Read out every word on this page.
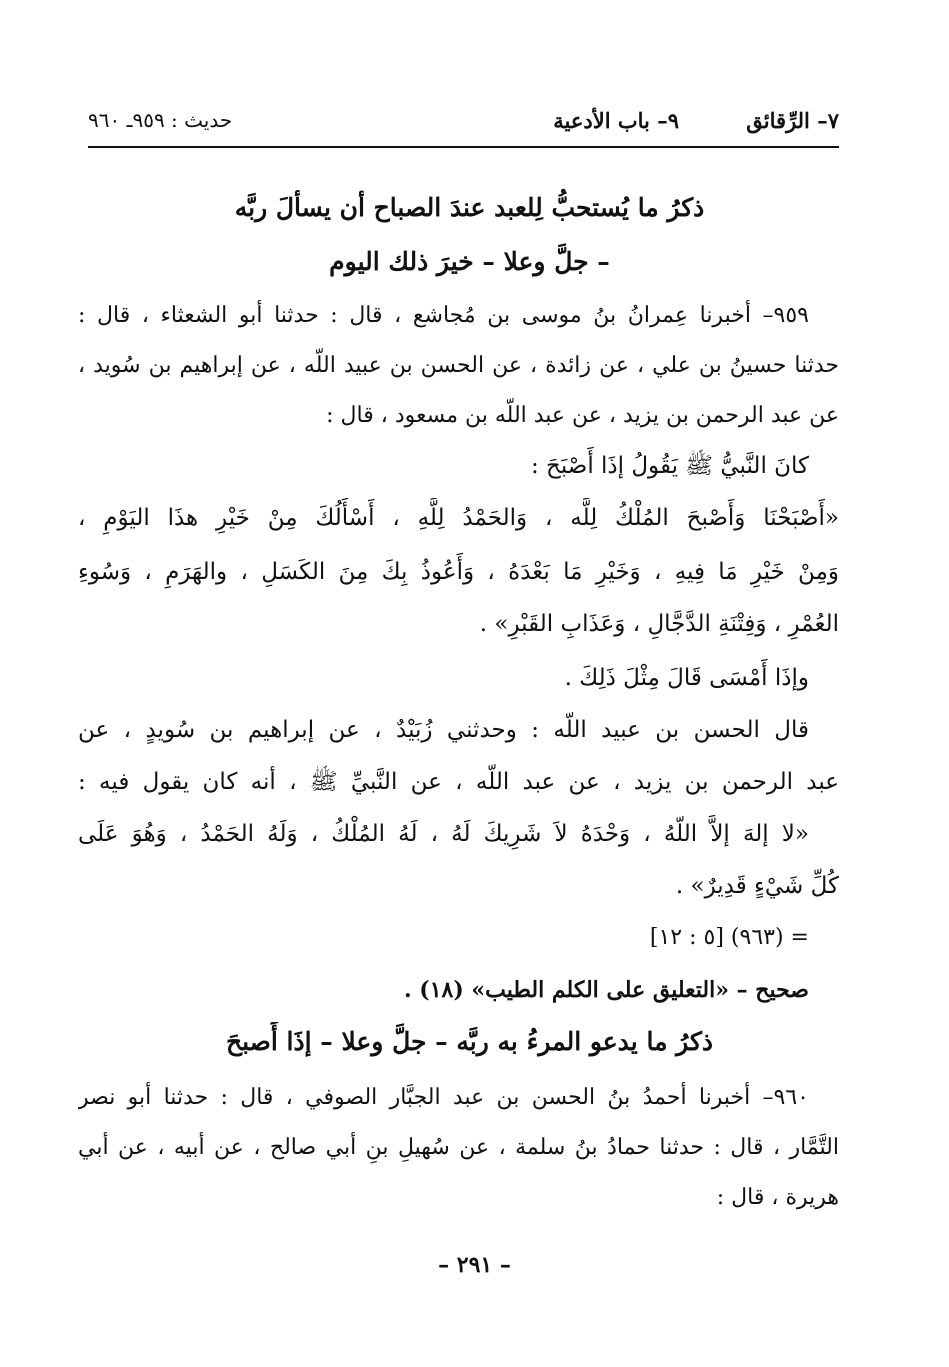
٧– الرِّقائق
٩– باب الأدعية
حديث : ٩٥٩ـ ٩٦٠
ذكرُ ما يُستحبُّ لِلعبد عندَ الصباح أن يسألَ ربَّه
– جلَّ وعلا – خيرَ ذلك اليوم
٩٥٩– أخبرنا عِمرانُ بنُ موسى بن مُجاشع ، قال : حدثنا أبو الشعثاء ، قال :
حدثنا حسينُ بن علي ، عن زائدة ، عن الحسن بن عبيد اللّه ، عن إبراهيم بن سُويد ،
عن عبد الرحمن بن يزيد ، عن عبد اللّه بن مسعود ، قال :
كانَ النَّبيُّ ﷺ يَقُولُ إذَا أَصْبَحَ :
«أَصْبَحْنَا وَأَصْبحَ المُلْكُ لِلَّه ، وَالحَمْدُ لِلَّهِ ، أَسْأَلُكَ مِنْ خَيْرِ هذَا اليَوْمِ ،
وَمِنْ خَيْرِ مَا فِيهِ ، وَخَيْرِ مَا بَعْدَهُ ، وَأَعُوذُ بِكَ مِنَ الكَسَلِ ، والهَرَمِ ، وَسُوءِ
العُمْرِ ، وَفِتْنَةِ الدَّجَّالِ ، وَعَذَابِ القَبْرِ» .
وإذَا أَمْسَى قَالَ مِثْلَ ذَلِكَ .
قال الحسن بن عبيد اللّه : وحدثني زُبَيْدٌ ، عن إبراهيم بن سُويدٍ ، عن
عبد الرحمن بن يزيد ، عن عبد اللّه ، عن النَّبيِّ ﷺ ، أنه كان يقول فيه :
«لا إلهَ إلاَّ اللّهُ ، وَحْدَهُ لاَ شَرِيكَ لَهُ ، لَهُ المُلْكُ ، وَلَهُ الحَمْدُ ، وَهُوَ عَلَى
كُلِّ شَيْءٍ قَدِيرٌ» .
= (٩٦٣) [٥ : ١٢]
صحيح – «التعليق على الكلم الطيب» (١٨) .
ذكرُ ما يدعو المرءُ به ربَّه – جلَّ وعلا – إذَا أَصبحَ
٩٦٠– أخبرنا أحمدُ بنُ الحسن بن عبد الجبَّار الصوفي ، قال : حدثنا أبو نصر
التَّمَّار ، قال : حدثنا حمادُ بنُ سلمة ، عن سُهيلِ بنِ أبي صالح ، عن أبيه ، عن أبي
هريرة ، قال :
– ٢٩١ –
